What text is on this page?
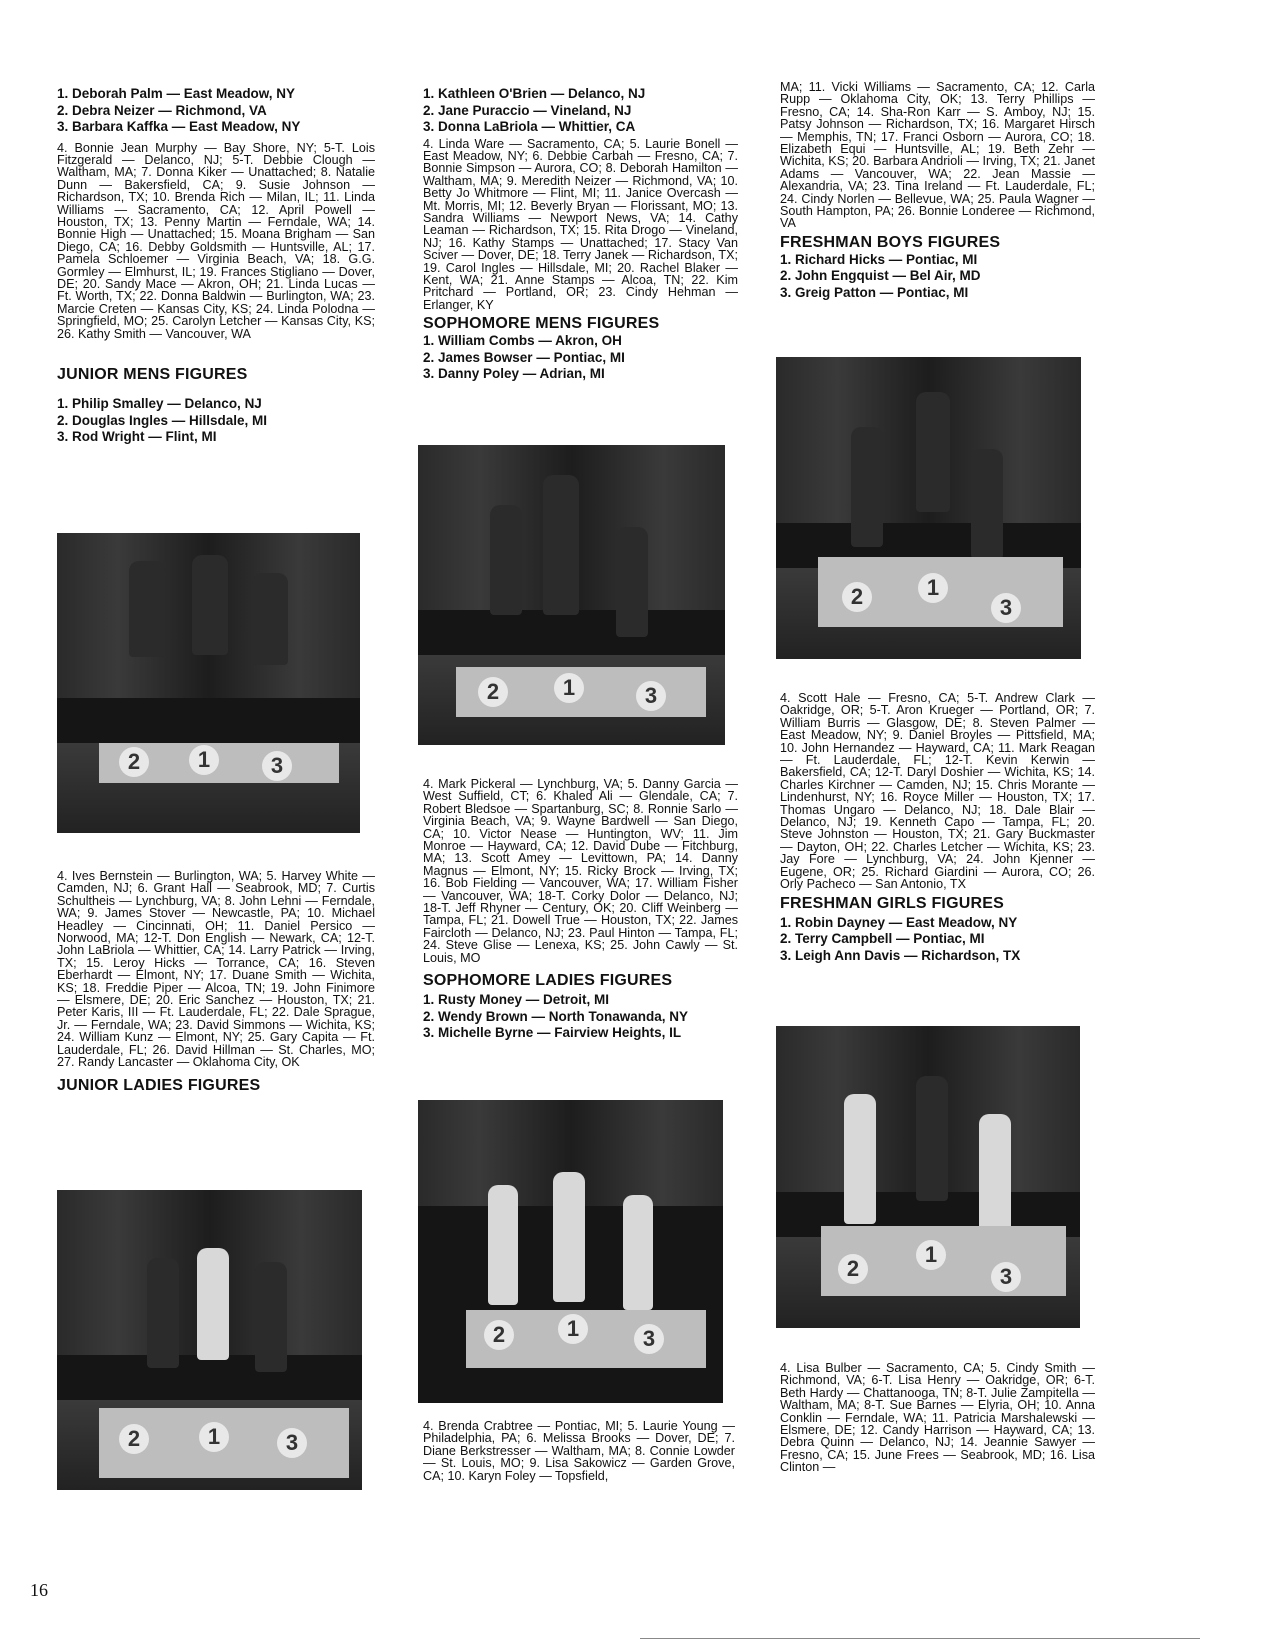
1. Deborah Palm — East Meadow, NY
2. Debra Neizer — Richmond, VA
3. Barbara Kaffka — East Meadow, NY

4. Bonnie Jean Murphy — Bay Shore, NY; 5-T. Lois Fitzgerald — Delanco, NJ; 5-T. Debbie Clough — Waltham, MA; 7. Donna Kiker — Unattached; 8. Natalie Dunn — Bakersfield, CA; 9. Susie Johnson — Richardson, TX; 10. Brenda Rich — Milan, IL; 11. Linda Williams — Sacramento, CA; 12. April Powell — Houston, TX; 13. Penny Martin — Ferndale, WA; 14. Bonnie High — Unattached; 15. Moana Brigham — San Diego, CA; 16. Debby Goldsmith — Huntsville, AL; 17. Pamela Schloemer — Virginia Beach, VA; 18. G.G. Gormley — Elmhurst, IL; 19. Frances Stigliano — Dover, DE; 20. Sandy Mace — Akron, OH; 21. Linda Lucas — Ft. Worth, TX; 22. Donna Baldwin — Burlington, WA; 23. Marcie Creten — Kansas City, KS; 24. Linda Polodna — Springfield, MO; 25. Carolyn Letcher — Kansas City, KS; 26. Kathy Smith — Vancouver, WA

JUNIOR MENS FIGURES

1. Philip Smalley — Delanco, NJ
2. Douglas Ingles — Hillsdale, MI
3. Rod Wright — Flint, MI
2	1	3

4. Ives Bernstein — Burlington, WA; 5. Harvey White — Camden, NJ; 6. Grant Hall — Seabrook, MD; 7. Curtis Schultheis — Lynchburg, VA; 8. John Lehni — Ferndale, WA; 9. James Stover — Newcastle, PA; 10. Michael Headley — Cincinnati, OH; 11. Daniel Persico — Norwood, MA; 12-T. Don English — Newark, CA; 12-T. John LaBriola — Whittier, CA; 14. Larry Patrick — Irving, TX; 15. Leroy Hicks — Torrance, CA; 16. Steven Eberhardt — Elmont, NY; 17. Duane Smith — Wichita, KS; 18. Freddie Piper — Alcoa, TN; 19. John Finimore — Elsmere, DE; 20. Eric Sanchez — Houston, TX; 21. Peter Karis, III — Ft. Lauderdale, FL; 22. Dale Sprague, Jr. — Ferndale, WA; 23. David Simmons — Wichita, KS; 24. William Kunz — Elmont, NY; 25. Gary Capita — Ft. Lauderdale, FL; 26. David Hillman — St. Charles, MO; 27. Randy Lancaster — Oklahoma City, OK

JUNIOR LADIES FIGURES

2	1	3
16
1. Kathleen O'Brien — Delanco, NJ
2. Jane Puraccio — Vineland, NJ
3. Donna LaBriola — Whittier, CA

4. Linda Ware — Sacramento, CA; 5. Laurie Bonell — East Meadow, NY; 6. Debbie Carbah — Fresno, CA; 7. Bonnie Simpson — Aurora, CO; 8. Deborah Hamilton — Waltham, MA; 9. Meredith Neizer — Richmond, VA; 10. Betty Jo Whitmore — Flint, MI; 11. Janice Overcash — Mt. Morris, MI; 12. Beverly Bryan — Florissant, MO; 13. Sandra Williams — Newport News, VA; 14. Cathy Leaman — Richardson, TX; 15. Rita Drogo — Vineland, NJ; 16. Kathy Stamps — Unattached; 17. Stacy Van Sciver — Dover, DE; 18. Terry Janek — Richardson, TX; 19. Carol Ingles — Hillsdale, MI; 20. Rachel Blaker — Kent, WA; 21. Anne Stamps — Alcoa, TN; 22. Kim Pritchard — Portland, OR; 23. Cindy Hehman — Erlanger, KY

SOPHOMORE MENS FIGURES

1. William Combs — Akron, OH
2. James Bowser — Pontiac, MI
3. Danny Poley — Adrian, MI
2	1	3

4. Mark Pickeral — Lynchburg, VA; 5. Danny Garcia — West Suffield, CT; 6. Khaled Ali — Glendale, CA; 7. Robert Bledsoe — Spartanburg, SC; 8. Ronnie Sarlo — Virginia Beach, VA; 9. Wayne Bardwell — San Diego, CA; 10. Victor Nease — Huntington, WV; 11. Jim Monroe — Hayward, CA; 12. David Dube — Fitchburg, MA; 13. Scott Amey — Levittown, PA; 14. Danny Magnus — Elmont, NY; 15. Ricky Brock — Irving, TX; 16. Bob Fielding — Vancouver, WA; 17. William Fisher — Vancouver, WA; 18-T. Corky Dolor — Delanco, NJ; 18-T. Jeff Rhyner — Century, OK; 20. Cliff Weinberg — Tampa, FL; 21. Dowell True — Houston, TX; 22. James Faircloth — Delanco, NJ; 23. Paul Hinton — Tampa, FL; 24. Steve Glise — Lenexa, KS; 25. John Cawly — St. Louis, MO

SOPHOMORE LADIES FIGURES

1. Rusty Money — Detroit, MI
2. Wendy Brown — North Tonawanda, NY
3. Michelle Byrne — Fairview Heights, IL
2	1	3

4. Brenda Crabtree — Pontiac, MI; 5. Laurie Young — Philadelphia, PA; 6. Melissa Brooks — Dover, DE; 7. Diane Berkstresser — Waltham, MA; 8. Connie Lowder — St. Louis, MO; 9. Lisa Sakowicz — Garden Grove, CA; 10. Karyn Foley — Topsfield,

MA; 11. Vicki Williams — Sacramento, CA; 12. Carla Rupp — Oklahoma City, OK; 13. Terry Phillips — Fresno, CA; 14. Sha-Ron Karr — S. Amboy, NJ; 15. Patsy Johnson — Richardson, TX; 16. Margaret Hirsch — Memphis, TN; 17. Franci Osborn — Aurora, CO; 18. Elizabeth Equi — Huntsville, AL; 19. Beth Zehr — Wichita, KS; 20. Barbara Andrioli — Irving, TX; 21. Janet Adams — Vancouver, WA; 22. Jean Massie — Alexandria, VA; 23. Tina Ireland — Ft. Lauderdale, FL; 24. Cindy Norlen — Bellevue, WA; 25. Paula Wagner — South Hampton, PA; 26. Bonnie Londeree — Richmond, VA

FRESHMAN BOYS FIGURES

1. Richard Hicks — Pontiac, MI
2. John Engquist — Bel Air, MD
3. Greig Patton — Pontiac, MI
2	1
3

4. Scott Hale — Fresno, CA; 5-T. Andrew Clark — Oakridge, OR; 5-T. Aron Krueger — Portland, OR; 7. William Burris — Glasgow, DE; 8. Steven Palmer — East Meadow, NY; 9. Daniel Broyles — Pittsfield, MA; 10. John Hernandez — Hayward, CA; 11. Mark Reagan — Ft. Lauderdale, FL; 12-T. Kevin Kerwin — Bakersfield, CA; 12-T. Daryl Doshier — Wichita, KS; 14. Charles Kirchner — Camden, NJ; 15. Chris Morante — Lindenhurst, NY; 16. Royce Miller — Houston, TX; 17. Thomas Ungaro — Delanco, NJ; 18. Dale Blair — Delanco, NJ; 19. Kenneth Capo — Tampa, FL; 20. Steve Johnston — Houston, TX; 21. Gary Buckmaster — Dayton, OH; 22. Charles Letcher — Wichita, KS; 23. Jay Fore — Lynchburg, VA; 24. John Kjenner — Eugene, OR; 25. Richard Giardini — Aurora, CO; 26. Orly Pacheco — San Antonio, TX

FRESHMAN GIRLS FIGURES

1. Robin Dayney — East Meadow, NY
2. Terry Campbell — Pontiac, MI
3. Leigh Ann Davis — Richardson, TX
2
1
3

4. Lisa Bulber — Sacramento, CA; 5. Cindy Smith — Richmond, VA; 6-T. Lisa Henry — Oakridge, OR; 6-T. Beth Hardy — Chattanooga, TN; 8-T. Julie Zampitella — Waltham, MA; 8-T. Sue Barnes — Elyria, OH; 10. Anna Conklin — Ferndale, WA; 11. Patricia Marshalewski — Elsmere, DE; 12. Candy Harrison — Hayward, CA; 13. Debra Quinn — Delanco, NJ; 14. Jeannie Sawyer — Fresno, CA; 15. June Frees — Seabrook, MD; 16. Lisa Clinton —
